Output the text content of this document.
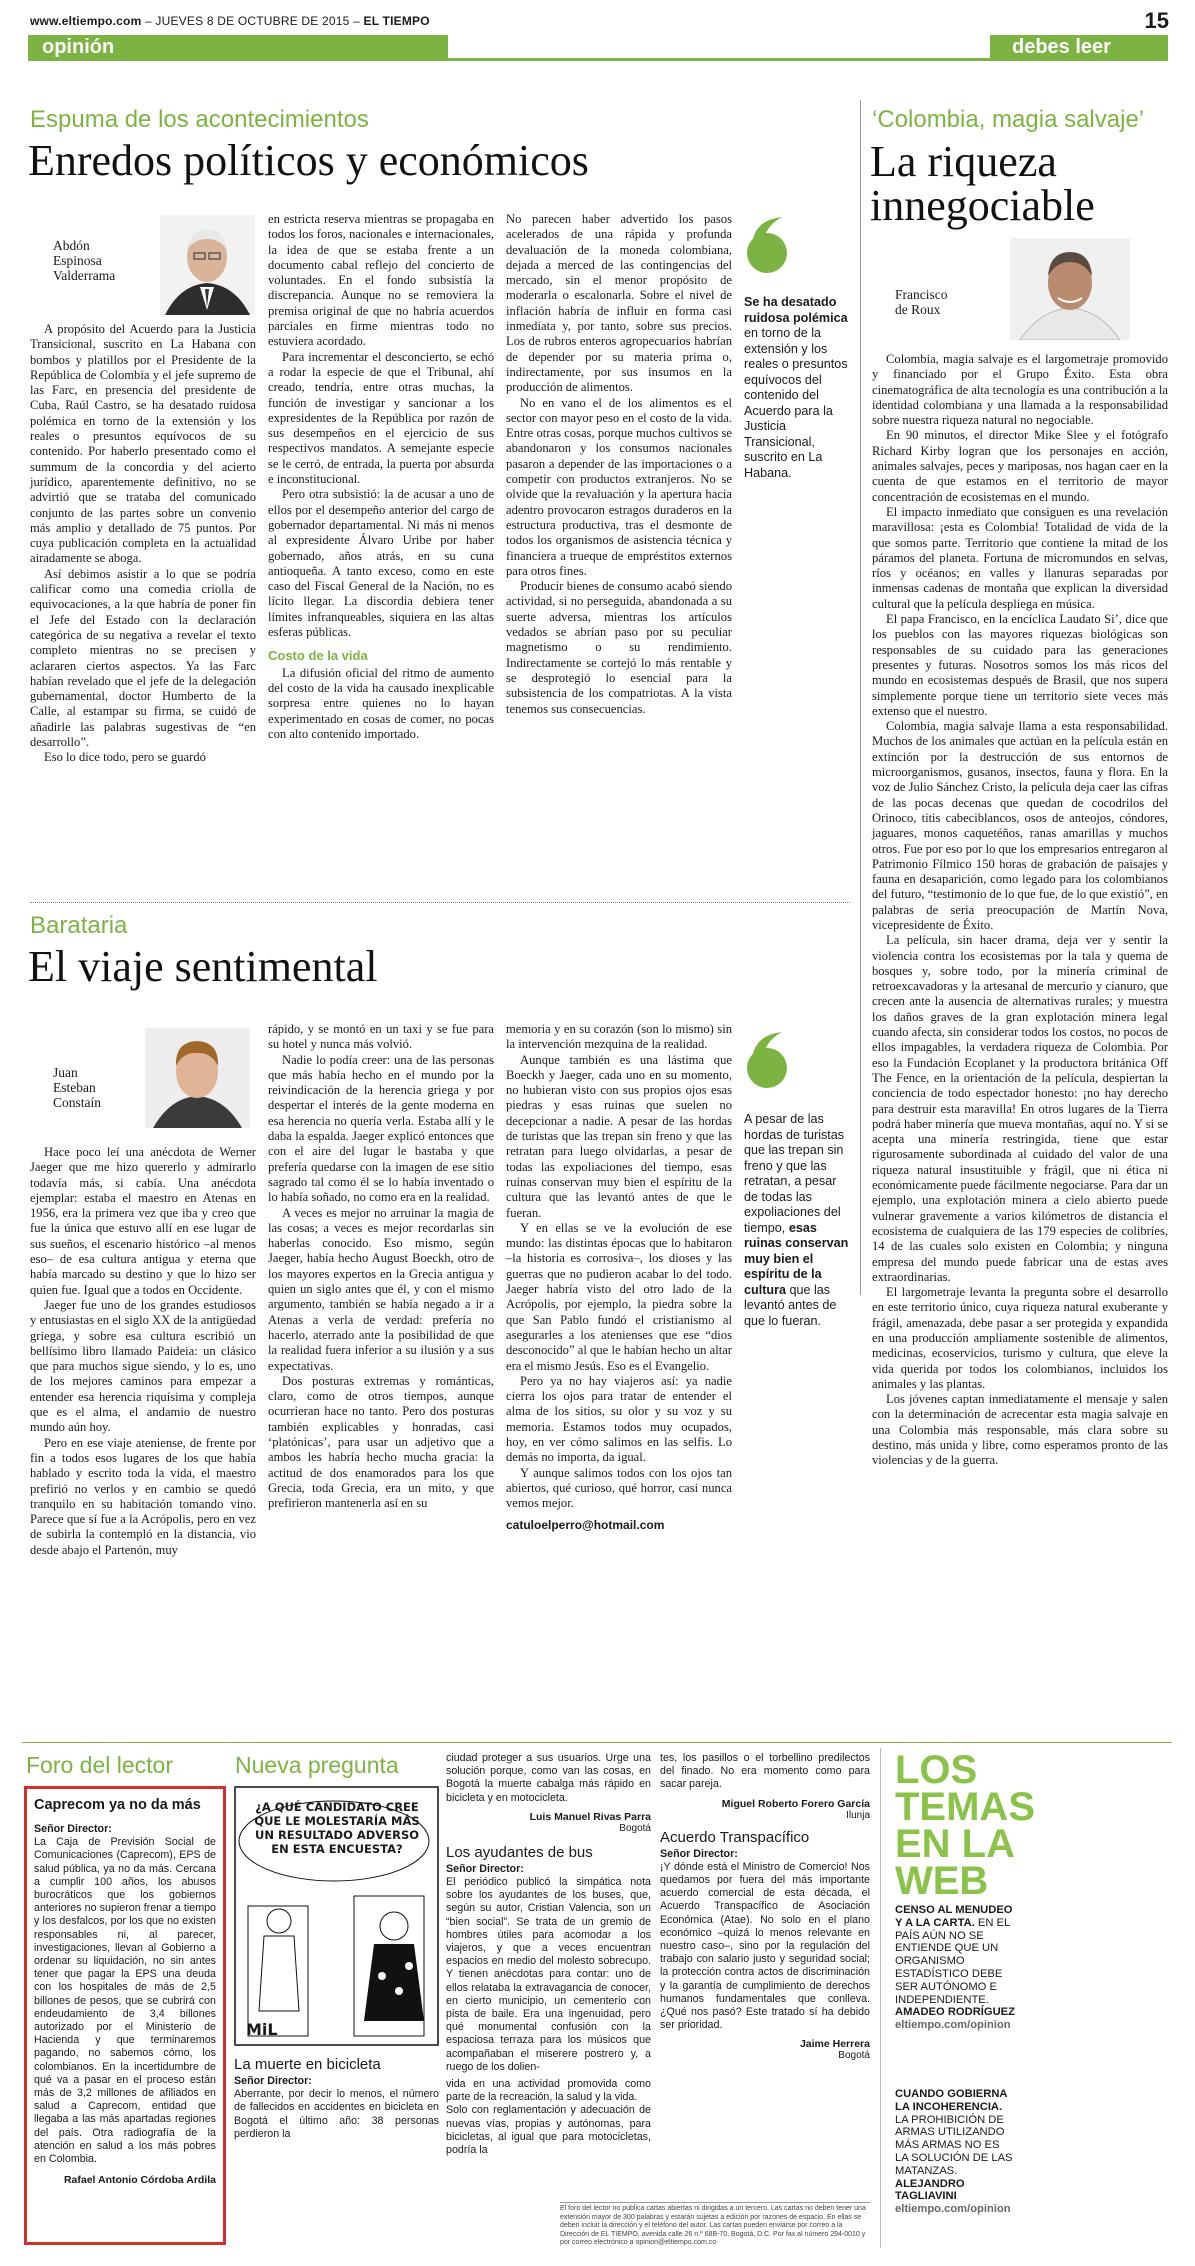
www.eltiempo.com – JUEVES 8 DE OCTUBRE DE 2015 – EL TIEMPO	15
opinión	debes leer
Espuma de los acontecimientos
Enredos políticos y económicos
Abdón
Espinosa
Valderrama

A propósito del Acuerdo para la Justicia Transicional, suscrito en La Habana con bombos y platillos por el Presidente de la República de Colombia y el jefe supremo de las Farc, en presencia del presidente de Cuba, Raúl Castro, se ha desatado ruidosa polémica en torno de la extensión y los reales o presuntos equívocos de su contenido. Por haberlo presentado como el summum de la concordia y del acierto jurídico, aparentemente definitivo, no se advirtió que se trataba del comunicado conjunto de las partes sobre un convenio más amplio y detallado de 75 puntos. Por cuya publicación completa en la actualidad airadamente se aboga.

Así debimos asistir a lo que se podría calificar como una comedia criolla de equivocaciones, a la que habría de poner fin el Jefe del Estado con la declaración categórica de su negativa a revelar el texto completo mientras no se precisen y aclararen ciertos aspectos. Ya las Farc habían revelado que el jefe de la delegación gubernamental, doctor Humberto de la Calle, al estampar su firma, se cuidó de añadirle las palabras sugestivas de “en desarrollo”.

Eso lo dice todo, pero se guardó

en estricta reserva mientras se propagaba en todos los foros, nacionales e internacionales, la idea de que se estaba frente a un documento cabal reflejo del concierto de voluntades. En el fondo subsistía la discrepancia. Aunque no se removiera la premisa original de que no habría acuerdos parciales en firme mientras todo no estuviera acordado.

Para incrementar el desconcierto, se echó a rodar la especie de que el Tribunal, ahí creado, tendría, entre otras muchas, la función de investigar y sancionar a los expresidentes de la República por razón de sus desempeños en el ejercicio de sus respectivos mandatos. A semejante especie se le cerró, de entrada, la puerta por absurda e inconstitucional.

Pero otra subsistió: la de acusar a uno de ellos por el desempeño anterior del cargo de gobernador departamental. Ni más ni menos al expresidente Álvaro Uribe por haber gobernado, años atrás, en su cuna antioqueña. A tanto exceso, como en este caso del Fiscal General de la Nación, no es lícito llegar. La discordia debiera tener límites infranqueables, siquiera en las altas esferas públicas.

Costo de la vida

La difusión oficial del ritmo de aumento del costo de la vida ha causado inexplicable sorpresa entre quienes no lo hayan experimentado en cosas de comer, no pocas con alto contenido importado.

No parecen haber advertido los pasos acelerados de una rápida y profunda devaluación de la moneda colombiana, dejada a merced de las contingencias del mercado, sin el menor propósito de moderarla o escalonarla. Sobre el nivel de inflación habría de influir en forma casi inmediata y, por tanto, sobre sus precios. Los de rubros enteros agropecuarios habrían de depender por su materia prima o, indirectamente, por sus insumos en la producción de alimentos.

No en vano el de los alimentos es el sector con mayor peso en el costo de la vida. Entre otras cosas, porque muchos cultivos se abandonaron y los consumos nacionales pasaron a depender de las importaciones o a competir con productos extranjeros. No se olvide que la revaluación y la apertura hacia adentro provocaron estragos duraderos en la estructura productiva, tras el desmonte de todos los organismos de asistencia técnica y financiera a trueque de empréstitos externos para otros fines.

Producir bienes de consumo acabó siendo actividad, si no perseguida, abandonada a su suerte adversa, mientras los artículos vedados se abrían paso por su peculiar magnetismo o su rendimiento. Indirectamente se cortejó lo más rentable y se desprotegió lo esencial para la subsistencia de los compatriotas. A la vista tenemos sus consecuencias.

Se ha desatado ruidosa polémica en torno de la extensión y los reales o presuntos equívocos del contenido del Acuerdo para la Justicia Transicional, suscrito en La Habana.
Barataria
El viaje sentimental
Juan
Esteban
Constaín

Hace poco leí una anécdota de Werner Jaeger que me hizo quererlo y admirarlo todavía más, si cabía. Una anécdota ejemplar: estaba el maestro en Atenas en 1956, era la primera vez que iba y creo que fue la única que estuvo allí en ese lugar de sus sueños, el escenario histórico –al menos eso– de esa cultura antigua y eterna que había marcado su destino y que lo hizo ser quien fue. Igual que a todos en Occidente.

Jaeger fue uno de los grandes estudiosos y entusiastas en el siglo XX de la antigüedad griega, y sobre esa cultura escribió un bellísimo libro llamado Paideia: un clásico que para muchos sigue siendo, y lo es, uno de los mejores caminos para empezar a entender esa herencia riquísima y compleja que es el alma, el andamio de nuestro mundo aún hoy.

Pero en ese viaje ateniense, de frente por fin a todos esos lugares de los que había hablado y escrito toda la vida, el maestro prefirió no verlos y en cambio se quedó tranquilo en su habitación tomando vino. Parece que sí fue a la Acrópolis, pero en vez de subirla la contempló en la distancia, vio desde abajo el Partenón, muy

rápido, y se montó en un taxi y se fue para su hotel y nunca más volvió.

Nadie lo podía creer: una de las personas que más había hecho en el mundo por la reivindicación de la herencia griega y por despertar el interés de la gente moderna en esa herencia no quería verla. Estaba allí y le daba la espalda. Jaeger explicó entonces que con el aire del lugar le bastaba y que prefería quedarse con la imagen de ese sitio sagrado tal como él se lo había inventado o lo había soñado, no como era en la realidad.

A veces es mejor no arruinar la magia de las cosas; a veces es mejor recordarlas sin haberlas conocido. Eso mismo, según Jaeger, había hecho August Boeckh, otro de los mayores expertos en la Grecia antigua y quien un siglo antes que él, y con el mismo argumento, también se había negado a ir a Atenas a verla de verdad: prefería no hacerlo, aterrado ante la posibilidad de que la realidad fuera inferior a su ilusión y a sus expectativas.

Dos posturas extremas y románticas, claro, como de otros tiempos, aunque ocurrieran hace no tanto. Pero dos posturas también explicables y honradas, casi ‘platónicas’, para usar un adjetivo que a ambos les habría hecho mucha gracia: la actitud de dos enamorados para los que Grecia, toda Grecia, era un mito, y que prefirieron mantenerla así en su

memoria y en su corazón (son lo mismo) sin la intervención mezquina de la realidad.

Aunque también es una lástima que Boeckh y Jaeger, cada uno en su momento, no hubieran visto con sus propios ojos esas piedras y esas ruinas que suelen no decepcionar a nadie. A pesar de las hordas de turistas que las trepan sin freno y que las retratan para luego olvidarlas, a pesar de todas las expoliaciones del tiempo, esas ruinas conservan muy bien el espíritu de la cultura que las levantó antes de que le fueran.

Y en ellas se ve la evolución de ese mundo: las distintas épocas que lo habitaron –la historia es corrosiva–, los dioses y las guerras que no pudieron acabar lo del todo. Jaeger habría visto del otro lado de la Acrópolis, por ejemplo, la piedra sobre la que San Pablo fundó el cristianismo al asegurarles a los atenienses que ese “dios desconocido” al que le habían hecho un altar era el mismo Jesús. Eso es el Evangelio.

Pero ya no hay viajeros así: ya nadie cierra los ojos para tratar de entender el alma de los sitios, su olor y su voz y su memoria. Estamos todos muy ocupados, hoy, en ver cómo salimos en las selfis. Lo demás no importa, da igual.

Y aunque salimos todos con los ojos tan abiertos, qué curioso, qué horror, casi nunca vemos mejor.

catuloelperro@hotmail.com
A pesar de las hordas de turistas que las trepan sin freno y que las retratan, a pesar de todas las expoliaciones del tiempo, esas ruinas conservan muy bien el espíritu de la cultura que las levantó antes de que lo fueran.
‘Colombia, magia salvaje’
La riqueza
innegociable
Francisco
de Roux

Colombia, magia salvaje es el largometraje promovido y financiado por el Grupo Éxito. Esta obra cinematográfica de alta tecnología es una contribución a la identidad colombiana y una llamada a la responsabilidad sobre nuestra riqueza natural no negociable.

En 90 minutos, el director Mike Slee y el fotógrafo Richard Kirby logran que los personajes en acción, animales salvajes, peces y mariposas, nos hagan caer en la cuenta de que estamos en el territorio de mayor concentración de ecosistemas en el mundo.

El impacto inmediato que consiguen es una revelación maravillosa: ¡esta es Colombia! Totalidad de vida de la que somos parte. Territorio que contiene la mitad de los páramos del planeta. Fortuna de micromundos en selvas, ríos y océanos; en valles y llanuras separadas por inmensas cadenas de montaña que explican la diversidad cultural que la película despliega en música.

El papa Francisco, en la encíclica Laudato Si’, dice que los pueblos con las mayores riquezas biológicas son responsables de su cuidado para las generaciones presentes y futuras. Nosotros somos los más ricos del mundo en ecosistemas después de Brasil, que nos supera simplemente porque tiene un territorio siete veces más extenso que el nuestro.

Colombia, magia salvaje llama a esta responsabilidad. Muchos de los animales que actúan en la película están en extinción por la destrucción de sus entornos de microorganismos, gusanos, insectos, fauna y flora. En la voz de Julio Sánchez Cristo, la película deja caer las cifras de las pocas decenas que quedan de cocodrilos del Orinoco, titis cabeciblancos, osos de anteojos, cóndores, jaguares, monos caquetéños, ranas amarillas y muchos otros. Fue por eso por lo que los empresarios entregaron al Patrimonio Fílmico 150 horas de grabación de paisajes y fauna en desaparición, como legado para los colombianos del futuro, “testimonio de lo que fue, de lo que existió”, en palabras de seria preocupación de Martín Nova, vicepresidente de Éxito.

La película, sin hacer drama, deja ver y sentir la violencia contra los ecosistemas por la tala y quema de bosques y, sobre todo, por la minería criminal de retroexcavadoras y la artesanal de mercurio y cianuro, que crecen ante la ausencia de alternativas rurales; y muestra los daños graves de la gran explotación minera legal cuando afecta, sin considerar todos los costos, no pocos de ellos impagables, la verdadera riqueza de Colombia. Por eso la Fundación Ecoplanet y la productora británica Off The Fence, en la orientación de la película, despiertan la conciencia de todo espectador honesto: ¡no hay derecho para destruir esta maravilla! En otros lugares de la Tierra podrá haber minería que mueva montañas, aquí no. Y si se acepta una minería restringida, tiene que estar rigurosamente subordinada al cuidado del valor de una riqueza natural insustituible y frágil, que ni ética ni económicamente puede fácilmente negociarse. Para dar un ejemplo, una explotación minera a cielo abierto puede vulnerar gravemente a varios kilómetros de distancia el ecosistema de cualquiera de las 179 especies de colibríes, 14 de las cuales solo existen en Colombia; y ninguna empresa del mundo puede fabricar una de estas aves extraordinarias.

El largometraje levanta la pregunta sobre el desarrollo en este territorio único, cuya riqueza natural exuberante y frágil, amenazada, debe pasar a ser protegida y expandida en una producción ampliamente sostenible de alimentos, medicinas, ecoservicios, turismo y cultura, que eleve la vida querida por todos los colombianos, incluidos los animales y las plantas.

Los jóvenes captan inmediatamente el mensaje y salen con la determinación de acrecentar esta magia salvaje en una Colombia más responsable, más clara sobre su destino, más unida y libre, como esperamos pronto de las violencias y de la guerra.

Foro del lector
Caprecom ya no da más
Señor Director:
La Caja de Previsión Social de Comunicaciones (Caprecom), EPS de salud pública, ya no da más. Cercana a cumplir 100 años, los abusos burocráticos que los gobiernos anteriores no supieron frenar a tiempo y los desfalcos, por los que no existen responsables ni, al parecer, investigaciones, llevan al Gobierno a ordenar su liquidación, no sin antes tener que pagar la EPS una deuda con los hospitales de más de 2,5 billones de pesos, que se cubrirá con endeudamiento de 3,4 billones autorizado por el Ministerio de Hacienda y que terminaremos pagando, no sabemos cómo, los colombianos. En la incertidumbre de qué va a pasar en el proceso están más de 3,2 millones de afiliados en salud a Caprecom, entidad que llegaba a las más apartadas regiones del país. Otra radiografía de la atención en salud a los más pobres en Colombia.
Rafael Antonio Córdoba Ardila
Nueva pregunta
¿A QUÉ CANDIDATO CREE QUE LE MOLESTARÍA MÁS UN RESULTADO ADVERSO EN ESTA ENCUESTA?
MiL
La muerte en bicicleta
Señor Director:
Aberrante, por decir lo menos, el número de fallecidos en accidentes en bicicleta en Bogotá el último año: 38 personas perdieron la
vida en una actividad promovida como parte de la recreación, la salud y la vida.
Solo con reglamentación y adecuación de nuevas vías, propias y autónomas, para bicicletas, al igual que para motocicletas, podría la
ciudad proteger a sus usuarios. Urge una solución porque, como van las cosas, en Bogotá la muerte cabalga más rápido en bicicleta y en motocicleta.
Luis Manuel Rivas Parra
Bogotá
Los ayudantes de bus
Señor Director:
El periódico publicó la simpática nota sobre los ayudantes de los buses, que, según su autor, Cristian Valencia, son un “bien social”. Se trata de un gremio de hombres útiles para acomodar a los viajeros, y que a veces encuentran espacios en medio del molesto sobrecupo. Y tienen anécdotas para contar: uno de ellos relataba la extravagancia de conocer, en cierto municipio, un cementerio con pista de baile. Era una ingenuidad, pero qué monumental confusión con la espaciosa terraza para los músicos que acompañaban el miserere postrero y, a ruego de los dolien-
tes, los pasillos o el torbellino predilectos del finado. No era momento como para sacar pareja.
Miguel Roberto Forero García
Ilunja
Acuerdo Transpacífico
Señor Director:
¡Y dónde está el Ministro de Comercio! Nos quedamos por fuera del más importante acuerdo comercial de esta década, el Acuerdo Transpacífico de Asociación Económica (Atae). No solo en el plano económico –quizá lo menos relevante en nuestro caso–, sino por la regulación del trabajo con salario justo y seguridad social; la protección contra actos de discriminación y la garantía de cumplimiento de derechos humanos fundamentales que conlleva. ¿Qué nos pasó? Este tratado sí ha debido ser prioridad.
Jaime Herrera
Bogotá
El foro del lector no publica cartas abiertas ni dirigidas a un tercero. Las cartas no deben tener una extensión mayor de 300 palabras y estarán sujetas a edición por razones de espacio. En ellas se deben incluir la dirección y el teléfono del autor. Las cartas pueden enviarse por correo a la Dirección de EL TIEMPO, avenida calle 26 n.º 68B-70, Bogotá, D.C. Por fax al número 294-0010 y por correo electrónico a opinion@eltiempo.com.co
LOS
TEMAS
EN LA
WEB
CENSO AL MENUDEO Y A LA CARTA. EN EL PAÍS AÚN NO SE ENTIENDE QUE UN ORGANISMO ESTADÍSTICO DEBE SER AUTÓNOMO E INDEPENDIENTE.
AMADEO RODRÍGUEZ
eltiempo.com/opinion
CUANDO GOBIERNA LA INCOHERENCIA. LA PROHIBICIÓN DE ARMAS UTILIZANDO MÁS ARMAS NO ES LA SOLUCIÓN DE LAS MATANZAS.
ALEJANDRO TAGLIAVINI
eltiempo.com/opinion
